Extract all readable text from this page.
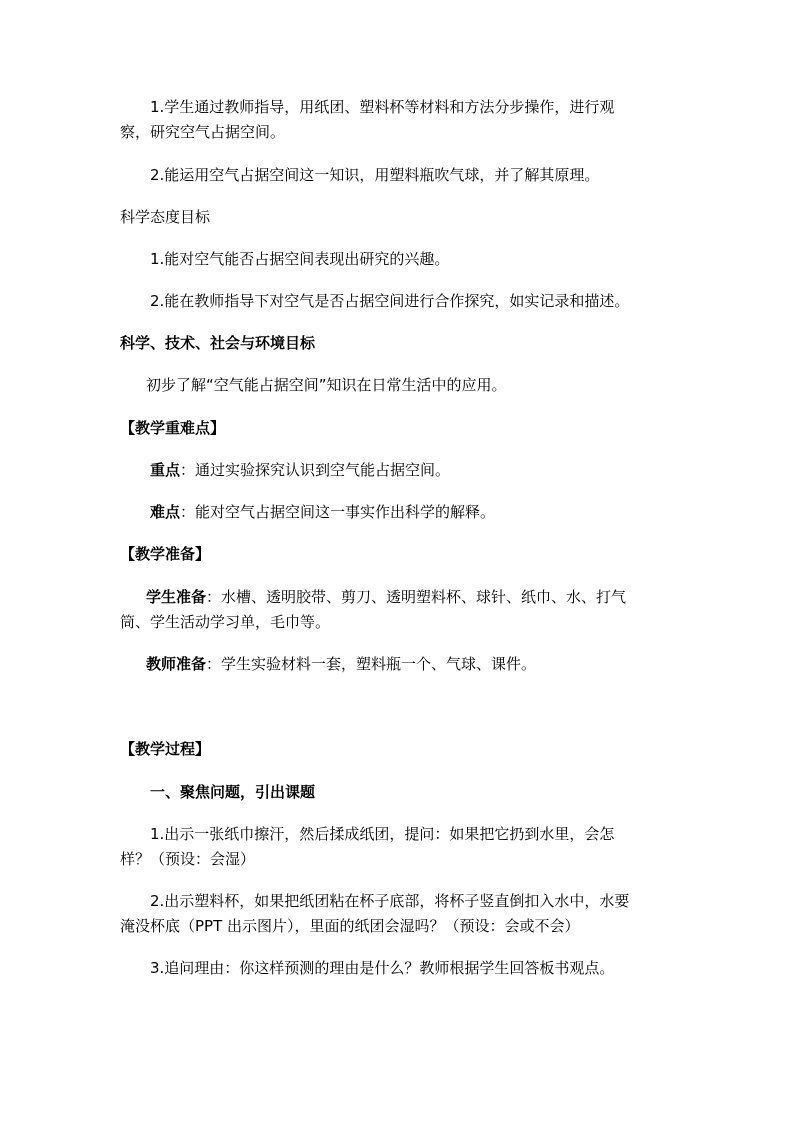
1.学生通过教师指导，用纸团、塑料杯等材料和方法分步操作，进行观
察，研究空气占据空间。
2.能运用空气占据空间这一知识，用塑料瓶吹气球，并了解其原理。
科学态度目标
1.能对空气能否占据空间表现出研究的兴趣。
2.能在教师指导下对空气是否占据空间进行合作探究，如实记录和描述。
科学、技术、社会与环境目标
初步了解“空气能占据空间”知识在日常生活中的应用。
【教学重难点】
重点：通过实验探究认识到空气能占据空间。
难点：能对空气占据空间这一事实作出科学的解释。
【教学准备】
学生准备：水槽、透明胶带、剪刀、透明塑料杯、球针、纸巾、水、打气
筒、学生活动学习单，毛巾等。
教师准备：学生实验材料一套，塑料瓶一个、气球、课件。
【教学过程】
一、聚焦问题，引出课题
1.出示一张纸巾擦汗，然后揉成纸团，提问：如果把它扔到水里，会怎
样？（预设：会湿）
2.出示塑料杯，如果把纸团粘在杯子底部，将杯子竖直倒扣入水中，水要
淹没杯底（PPT 出示图片），里面的纸团会湿吗？（预设：会或不会）
3.追问理由：你这样预测的理由是什么？教师根据学生回答板书观点。
